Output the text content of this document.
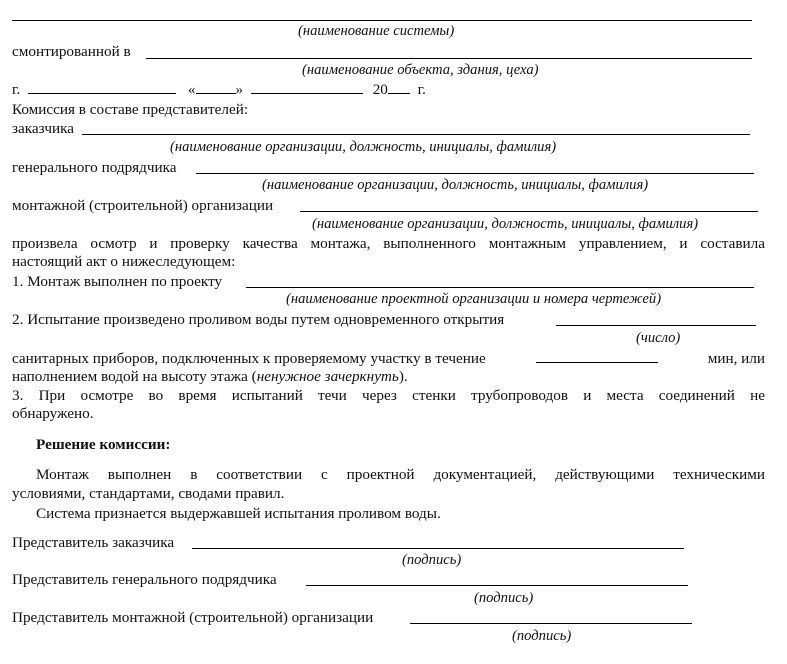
(наименование системы)
смонтированной в
(наименование объекта, здания, цеха)
г.	«	»	20 г.
Комиссия в составе представителей:
заказчика
(наименование организации, должность, инициалы, фамилия)
генерального подрядчика
(наименование организации, должность, инициалы, фамилия)
монтажной (строительной) организации
(наименование организации, должность, инициалы, фамилия)
произвела осмотр и проверку качества монтажа, выполненного монтажным управлением, и составила
настоящий акт о нижеследующем:
1. Монтаж выполнен по проекту
(наименование проектной организации и номера чертежей)
2. Испытание произведено проливом воды путем одновременного открытия
(число)
санитарных приборов, подключенных к проверяемому участку в течение	мин, или
наполнением водой на высоту этажа (ненужное зачеркнуть).
3. При осмотре во время испытаний течи через стенки трубопроводов и места соединений не
обнаружено.
Решение комиссии:
Монтаж выполнен в соответствии с проектной документацией, действующими техническими
условиями, стандартами, сводами правил.
Система признается выдержавшей испытания проливом воды.
Представитель заказчика
(подпись)
Представитель генерального подрядчика
(подпись)
Представитель монтажной (строительной) организации
(подпись)
